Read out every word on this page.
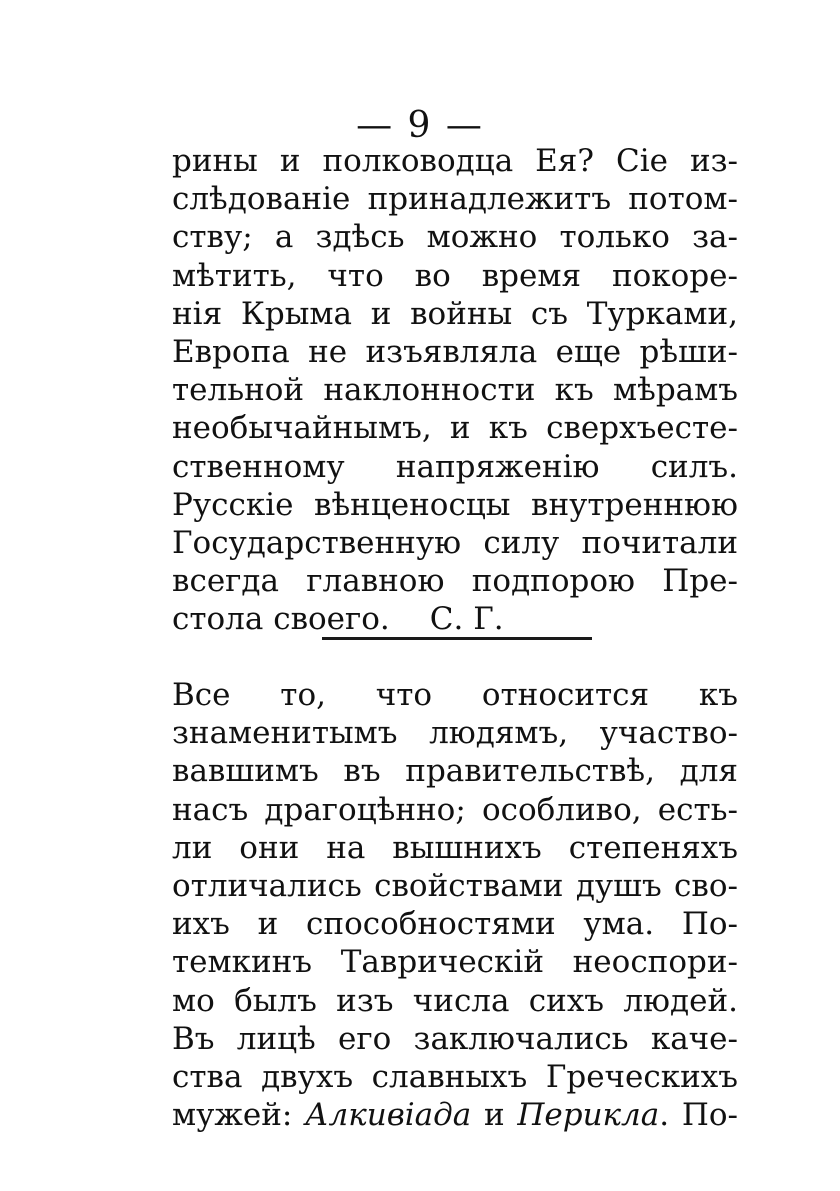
— 9 —
рины и полководца Ея? Сіе из-
слѣдованіе принадлежитъ потом-
ству; а здѣсь можно только за-
мѣтить, что во время покоре-
нія Крыма и войны съ Турками,
Европа не изъявляла еще рѣши-
тельной наклонности къ мѣрамъ
необычайнымъ, и къ сверхъесте-
ственному напряженію силъ.
Русскіе вѣнценосцы внутреннюю
Государственную силу почитали
всегда главною подпорою Пре-
стола своего. С. Г.
Все то, что относится къ
знаменитымъ людямъ, участво-
вавшимъ въ правительствѣ, для
насъ драгоцѣнно; особливо, есть-
ли они на вышнихъ степеняхъ
отличались свойствами душъ сво-
ихъ и способностями ума. По-
темкинъ Таврическій неоспори-
мо былъ изъ числа сихъ людей.
Въ лицѣ его заключались каче-
ства двухъ славныхъ Греческихъ
мужей: Алкивіада и Перикла. По-
